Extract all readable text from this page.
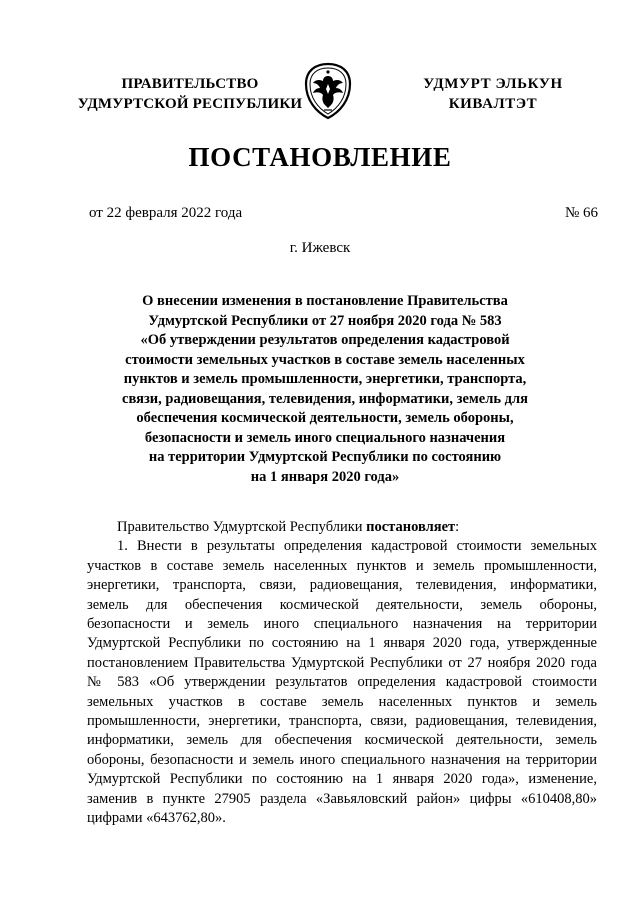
ПРАВИТЕЛЬСТВО
УДМУРТСКОЙ РЕСПУБЛИКИ
УДМУРТ ЭЛЬКУН
КИВАЛТЭТ
ПОСТАНОВЛЕНИЕ
от 22 февраля 2022 года	№ 66
г. Ижевск
О внесении изменения в постановление Правительства
Удмуртской Республики от 27 ноября 2020 года № 583
«Об утверждении результатов определения кадастровой
стоимости земельных участков в составе земель населенных
пунктов и земель промышленности, энергетики, транспорта,
связи, радиовещания, телевидения, информатики, земель для
обеспечения космической деятельности, земель обороны,
безопасности и земель иного специального назначения
на территории Удмуртской Республики по состоянию
на 1 января 2020 года»
Правительство Удмуртской Республики постановляет:
1. Внести в результаты определения кадастровой стоимости земельных
участков в составе земель населенных пунктов и земель промышленности,
энергетики, транспорта, связи, радиовещания, телевидения, информатики,
земель для обеспечения космической деятельности, земель обороны,
безопасности и земель иного специального назначения на территории
Удмуртской Республики по состоянию на 1 января 2020 года, утвержденные
постановлением Правительства Удмуртской Республики от 27 ноября 2020 года
№ 583 «Об утверждении результатов определения кадастровой стоимости
земельных участков в составе земель населенных пунктов и земель
промышленности, энергетики, транспорта, связи, радиовещания, телевидения,
информатики, земель для обеспечения космической деятельности, земель
обороны, безопасности и земель иного специального назначения на территории
Удмуртской Республики по состоянию на 1 января 2020 года», изменение,
заменив в пункте 27905 раздела «Завьяловский район» цифры «610408,80»
цифрами «643762,80».
